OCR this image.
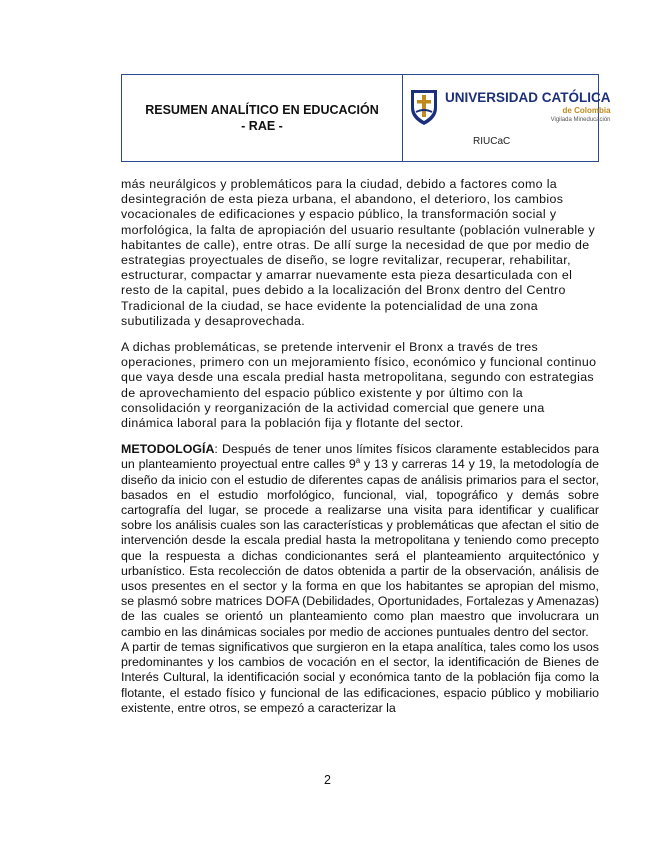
RESUMEN ANALÍTICO EN EDUCACIÓN
- RAE -
UNIVERSIDAD CATÓLICA
de Colombia
Vigilada Mineducación
RIUCaC

más neurálgicos y problemáticos para la ciudad, debido a factores como la desintegración de esta pieza urbana, el abandono, el deterioro, los cambios vocacionales de edificaciones y espacio público, la transformación social y morfológica, la falta de apropiación del usuario resultante (población vulnerable y habitantes de calle), entre otras. De allí surge la necesidad de que por medio de estrategias proyectuales de diseño, se logre revitalizar, recuperar, rehabilitar, estructurar, compactar y amarrar nuevamente esta pieza desarticulada con el resto de la capital, pues debido a la localización del Bronx dentro del Centro Tradicional de la ciudad, se hace evidente la potencialidad de una zona subutilizada y desaprovechada.

A dichas problemáticas, se pretende intervenir el Bronx a través de tres operaciones, primero con un mejoramiento físico, económico y funcional continuo que vaya desde una escala predial hasta metropolitana, segundo con estrategias de aprovechamiento del espacio público existente y por último con la consolidación y reorganización de la actividad comercial que genere una dinámica laboral para la población fija y flotante del sector.

METODOLOGÍA: Después de tener unos límites físicos claramente establecidos para un planteamiento proyectual entre calles 9$^a$ y 13 y carreras 14 y 19, la metodología de diseño da inicio con el estudio de diferentes capas de análisis primarios para el sector, basados en el estudio morfológico, funcional, vial, topográfico y demás sobre cartografía del lugar, se procede a realizarse una visita para identificar y cualificar sobre los análisis cuales son las características y problemáticas que afectan el sitio de intervención desde la escala predial hasta la metropolitana y teniendo como precepto que la respuesta a dichas condicionantes será el planteamiento arquitectónico y urbanístico. Esta recolección de datos obtenida a partir de la observación, análisis de usos presentes en el sector y la forma en que los habitantes se apropian del mismo, se plasmó sobre matrices DOFA (Debilidades, Oportunidades, Fortalezas y Amenazas) de las cuales se orientó un planteamiento como plan maestro que involucrara un cambio en las dinámicas sociales por medio de acciones puntuales dentro del sector.

A partir de temas significativos que surgieron en la etapa analítica, tales como los usos predominantes y los cambios de vocación en el sector, la identificación de Bienes de Interés Cultural, la identificación social y económica tanto de la población fija como la flotante, el estado físico y funcional de las edificaciones, espacio público y mobiliario existente, entre otros, se empezó a caracterizar la

2
